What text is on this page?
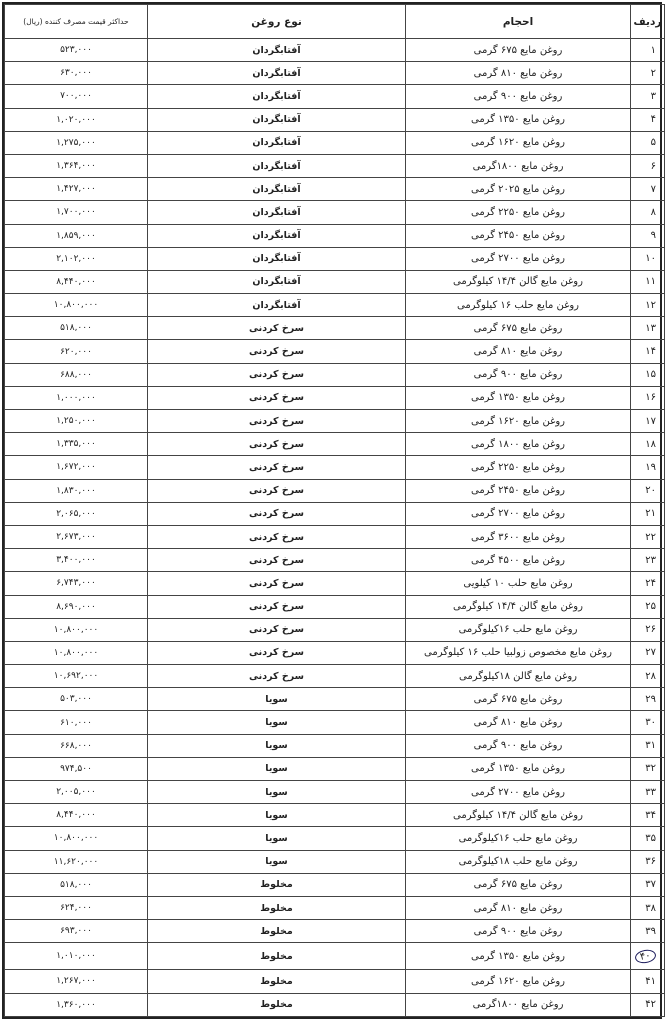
ردیف	احجام	نوع روغن	حداکثر قیمت مصرف کننده (ریال)
۱	روغن مایع ۶۷۵ گرمی	آفتابگردان	۵۲۳,۰۰۰
۲	روغن مایع ۸۱۰ گرمی	آفتابگردان	۶۳۰,۰۰۰
۳	روغن مایع ۹۰۰ گرمی	آفتابگردان	۷۰۰,۰۰۰
۴	روغن مایع ۱۳۵۰ گرمی	آفتابگردان	۱,۰۲۰,۰۰۰
۵	روغن مایع ۱۶۲۰ گرمی	آفتابگردان	۱,۲۷۵,۰۰۰
۶	روغن مایع ۱۸۰۰گرمی	آفتابگردان	۱,۳۶۴,۰۰۰
۷	روغن مایع ۲۰۲۵ گرمی	آفتابگردان	۱,۴۲۷,۰۰۰
۸	روغن مایع ۲۲۵۰ گرمی	آفتابگردان	۱,۷۰۰,۰۰۰
۹	روغن مایع ۲۴۵۰ گرمی	آفتابگردان	۱,۸۵۹,۰۰۰
۱۰	روغن مایع ۲۷۰۰ گرمی	آفتابگردان	۲,۱۰۲,۰۰۰
۱۱	روغن مایع گالن ۱۴/۴ کیلوگرمی	آفتابگردان	۸,۴۴۰,۰۰۰
۱۲	روغن مایع حلب ۱۶ کیلوگرمی	آفتابگردان	۱۰,۸۰۰,۰۰۰
۱۳	روغن مایع ۶۷۵ گرمی	سرخ کردنی	۵۱۸,۰۰۰
۱۴	روغن مایع ۸۱۰ گرمی	سرخ کردنی	۶۲۰,۰۰۰
۱۵	روغن مایع ۹۰۰ گرمی	سرخ کردنی	۶۸۸,۰۰۰
۱۶	روغن مایع ۱۳۵۰ گرمی	سرخ کردنی	۱,۰۰۰,۰۰۰
۱۷	روغن مایع ۱۶۲۰ گرمی	سرخ کردنی	۱,۲۵۰,۰۰۰
۱۸	روغن مایع ۱۸۰۰ گرمی	سرخ کردنی	۱,۳۳۵,۰۰۰
۱۹	روغن مایع ۲۲۵۰ گرمی	سرخ کردنی	۱,۶۷۲,۰۰۰
۲۰	روغن مایع ۲۴۵۰ گرمی	سرخ کردنی	۱,۸۳۰,۰۰۰
۲۱	روغن مایع ۲۷۰۰ گرمی	سرخ کردنی	۲,۰۶۵,۰۰۰
۲۲	روغن مایع ۳۶۰۰ گرمی	سرخ کردنی	۲,۶۷۳,۰۰۰
۲۳	روغن مایع ۴۵۰۰ گرمی	سرخ کردنی	۳,۴۰۰,۰۰۰
۲۴	روغن مایع حلب ۱۰ کیلویی	سرخ کردنی	۶,۷۴۳,۰۰۰
۲۵	روغن مایع گالن ۱۴/۴ کیلوگرمی	سرخ کردنی	۸,۶۹۰,۰۰۰
۲۶	روغن مایع حلب ۱۶کیلوگرمی	سرخ کردنی	۱۰,۸۰۰,۰۰۰
۲۷	روغن مایع مخصوص زولبیا حلب ۱۶ کیلوگرمی	سرخ کردنی	۱۰,۸۰۰,۰۰۰
۲۸	روغن مایع گالن ۱۸کیلوگرمی	سرخ کردنی	۱۰,۶۹۲,۰۰۰
۲۹	روغن مایع ۶۷۵ گرمی	سویا	۵۰۳,۰۰۰
۳۰	روغن مایع ۸۱۰ گرمی	سویا	۶۱۰,۰۰۰
۳۱	روغن مایع ۹۰۰ گرمی	سویا	۶۶۸,۰۰۰
۳۲	روغن مایع ۱۳۵۰ گرمی	سویا	۹۷۴,۵۰۰
۳۳	روغن مایع ۲۷۰۰ گرمی	سویا	۲,۰۰۵,۰۰۰
۳۴	روغن مایع گالن ۱۴/۴ کیلوگرمی	سویا	۸,۴۴۰,۰۰۰
۳۵	روغن مایع حلب ۱۶کیلوگرمی	سویا	۱۰,۸۰۰,۰۰۰
۳۶	روغن مایع حلب ۱۸کیلوگرمی	سویا	۱۱,۶۲۰,۰۰۰
۳۷	روغن مایع ۶۷۵ گرمی	مخلوط	۵۱۸,۰۰۰
۳۸	روغن مایع ۸۱۰ گرمی	مخلوط	۶۲۴,۰۰۰
۳۹	روغن مایع ۹۰۰ گرمی	مخلوط	۶۹۳,۰۰۰
۴۰	روغن مایع ۱۳۵۰ گرمی	مخلوط	۱,۰۱۰,۰۰۰
۴۱	روغن مایع ۱۶۲۰ گرمی	مخلوط	۱,۲۶۷,۰۰۰
۴۲	روغن مایع ۱۸۰۰گرمی	مخلوط	۱,۳۶۰,۰۰۰
